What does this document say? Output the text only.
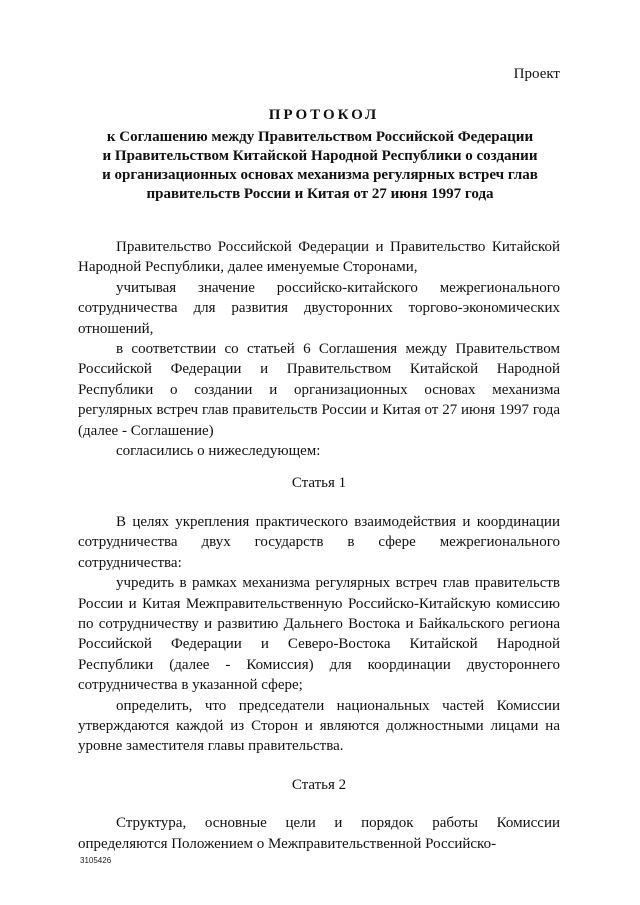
Проект
ПРОТОКОЛ
к Соглашению между Правительством Российской Федерации
и Правительством Китайской Народной Республики о создании
и организационных основах механизма регулярных встреч глав
правительств России и Китая от 27 июня 1997 года

Правительство Российской Федерации и Правительство Китайской Народной Республики, далее именуемые Сторонами,

учитывая значение российско-китайского межрегионального сотрудничества для развития двусторонних торгово-экономических отношений,

в соответствии со статьей 6 Соглашения между Правительством Российской Федерации и Правительством Китайской Народной Республики о создании и организационных основах механизма регулярных встреч глав правительств России и Китая от 27 июня 1997 года (далее - Соглашение)

согласились о нижеследующем:

Статья 1

В целях укрепления практического взаимодействия и координации сотрудничества двух государств в сфере межрегионального сотрудничества:

учредить в рамках механизма регулярных встреч глав правительств России и Китая Межправительственную Российско-Китайскую комиссию по сотрудничеству и развитию Дальнего Востока и Байкальского региона Российской Федерации и Северо-Востока Китайской Народной Республики (далее - Комиссия) для координации двустороннего сотрудничества в указанной сфере;

определить, что председатели национальных частей Комиссии утверждаются каждой из Сторон и являются должностными лицами на уровне заместителя главы правительства.

Статья 2

Структура, основные цели и порядок работы Комиссии определяются Положением о Межправительственной Российско-

3105426
